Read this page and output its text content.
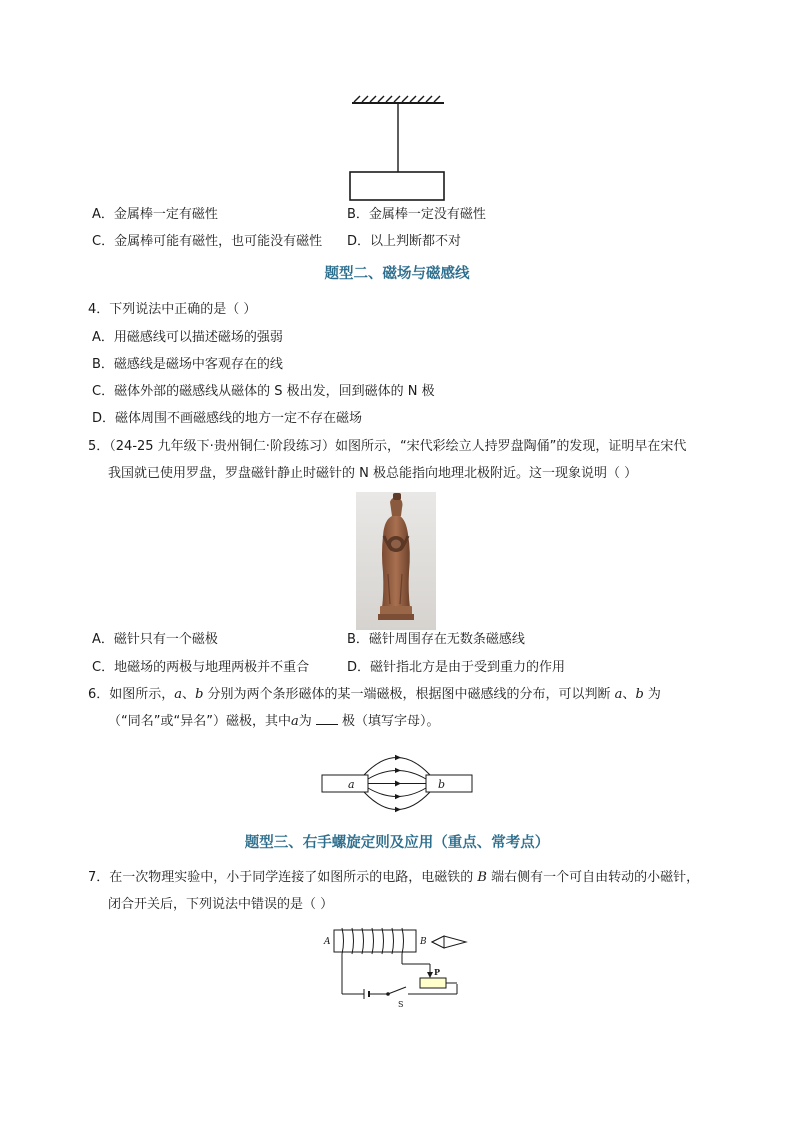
A．金属棒一定有磁性	B．金属棒一定没有磁性
C．金属棒可能有磁性，也可能没有磁性 D．以上判断都不对
题型二、磁场与磁感线
4．下列说法中正确的是（ ）
A．用磁感线可以描述磁场的强弱
B．磁感线是磁场中客观存在的线
C．磁体外部的磁感线从磁体的 S 极出发，回到磁体的 N 极
D．磁体周围不画磁感线的地方一定不存在磁场
5．（24-25 九年级下·贵州铜仁·阶段练习）如图所示，“宋代彩绘立人持罗盘陶俑”的发现，证明早在宋代
我国就已使用罗盘，罗盘磁针静止时磁针的 N 极总能指向地理北极附近。这一现象说明（ ）
A．磁针只有一个磁极	B．磁针周围存在无数条磁感线
C．地磁场的两极与地理两极并不重合	D．磁针指北方是由于受到重力的作用
6．如图所示，a、b 分别为两个条形磁体的某一端磁极，根据图中磁感线的分布，可以判断 a、b 为
（“同名”或“异名”）磁极，其中a为  极（填写字母）。
a	b
题型三、右手螺旋定则及应用（重点、常考点）
7．在一次物理实验中，小于同学连接了如图所示的电路，电磁铁的 B 端右侧有一个可自由转动的小磁针，
闭合开关后，下列说法中错误的是（ ）
A	B
P
S
